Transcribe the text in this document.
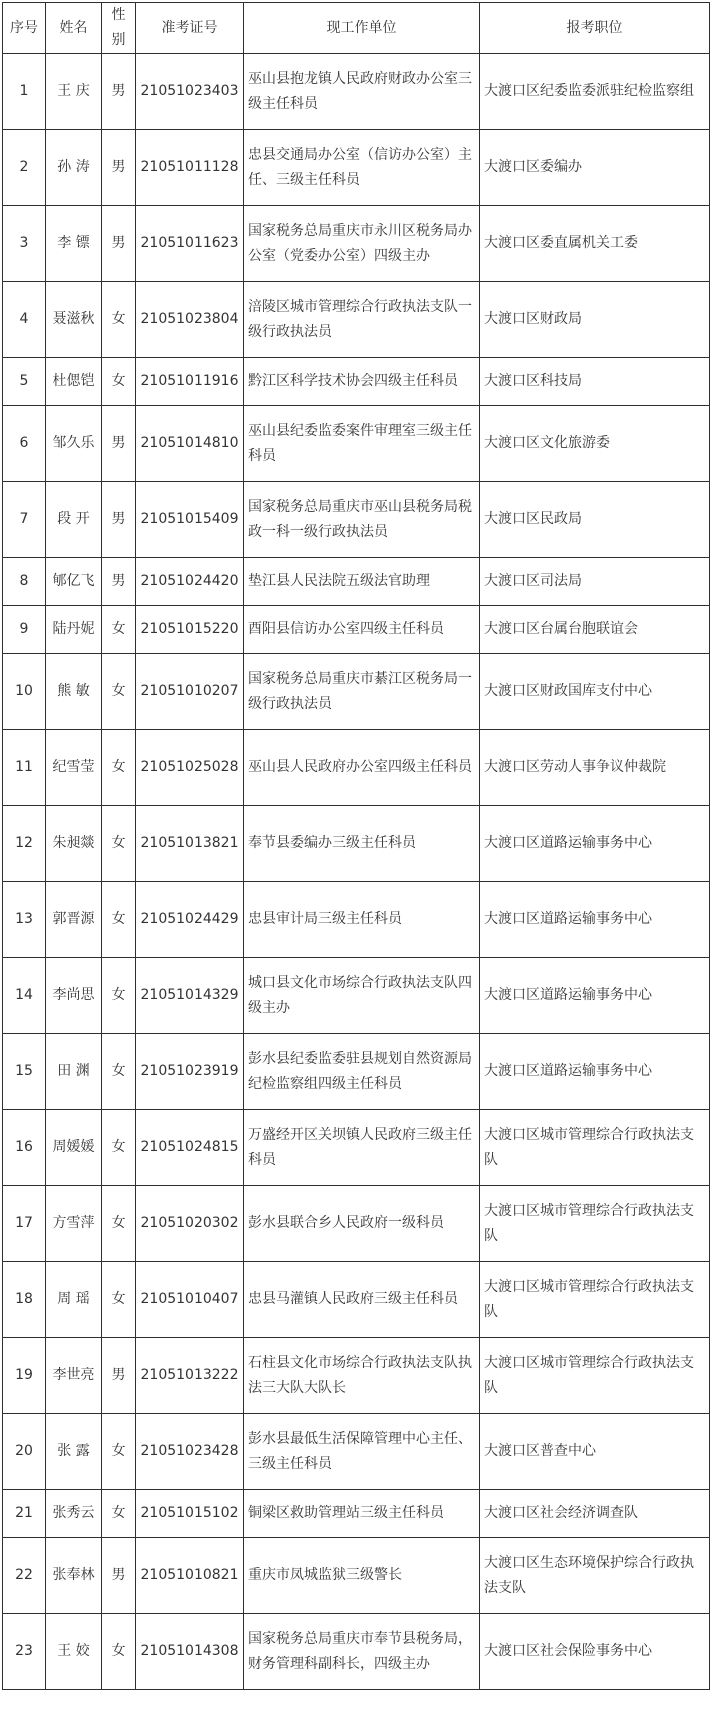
序号	姓名	性别	准考证号	现工作单位	报考职位
1	王 庆	男	21051023403	巫山县抱龙镇人民政府财政办公室三级主任科员	大渡口区纪委监委派驻纪检监察组
2	孙 涛	男	21051011128	忠县交通局办公室（信访办公室）主任、三级主任科员	大渡口区委编办
3	李 镖	男	21051011623	国家税务总局重庆市永川区税务局办公室（党委办公室）四级主办	大渡口区委直属机关工委
4	聂滋秋	女	21051023804	涪陵区城市管理综合行政执法支队一级行政执法员	大渡口区财政局
5	杜偲铠	女	21051011916	黔江区科学技术协会四级主任科员	大渡口区科技局
6	邹久乐	男	21051014810	巫山县纪委监委案件审理室三级主任科员	大渡口区文化旅游委
7	段 开	男	21051015409	国家税务总局重庆市巫山县税务局税政一科一级行政执法员	大渡口区民政局
8	郇亿飞	男	21051024420	垫江县人民法院五级法官助理	大渡口区司法局
9	陆丹妮	女	21051015220	酉阳县信访办公室四级主任科员	大渡口区台属台胞联谊会
10	熊 敏	女	21051010207	国家税务总局重庆市綦江区税务局一级行政执法员	大渡口区财政国库支付中心
11	纪雪莹	女	21051025028	巫山县人民政府办公室四级主任科员	大渡口区劳动人事争议仲裁院
12	朱昶燚	女	21051013821	奉节县委编办三级主任科员	大渡口区道路运输事务中心
13	郭晋源	女	21051024429	忠县审计局三级主任科员	大渡口区道路运输事务中心
14	李尚思	女	21051014329	城口县文化市场综合行政执法支队四级主办	大渡口区道路运输事务中心
15	田 渊	女	21051023919	彭水县纪委监委驻县规划自然资源局纪检监察组四级主任科员	大渡口区道路运输事务中心
16	周媛媛	女	21051024815	万盛经开区关坝镇人民政府三级主任科员	大渡口区城市管理综合行政执法支队
17	方雪萍	女	21051020302	彭水县联合乡人民政府一级科员	大渡口区城市管理综合行政执法支队
18	周 瑶	女	21051010407	忠县马灌镇人民政府三级主任科员	大渡口区城市管理综合行政执法支队
19	李世亮	男	21051013222	石柱县文化市场综合行政执法支队执法三大队大队长	大渡口区城市管理综合行政执法支队
20	张 露	女	21051023428	彭水县最低生活保障管理中心主任、三级主任科员	大渡口区普查中心
21	张秀云	女	21051015102	铜梁区救助管理站三级主任科员	大渡口区社会经济调查队
22	张奉林	男	21051010821	重庆市凤城监狱三级警长	大渡口区生态环境保护综合行政执法支队
23	王 姣	女	21051014308	国家税务总局重庆市奉节县税务局，财务管理科副科长，四级主办	大渡口区社会保险事务中心
